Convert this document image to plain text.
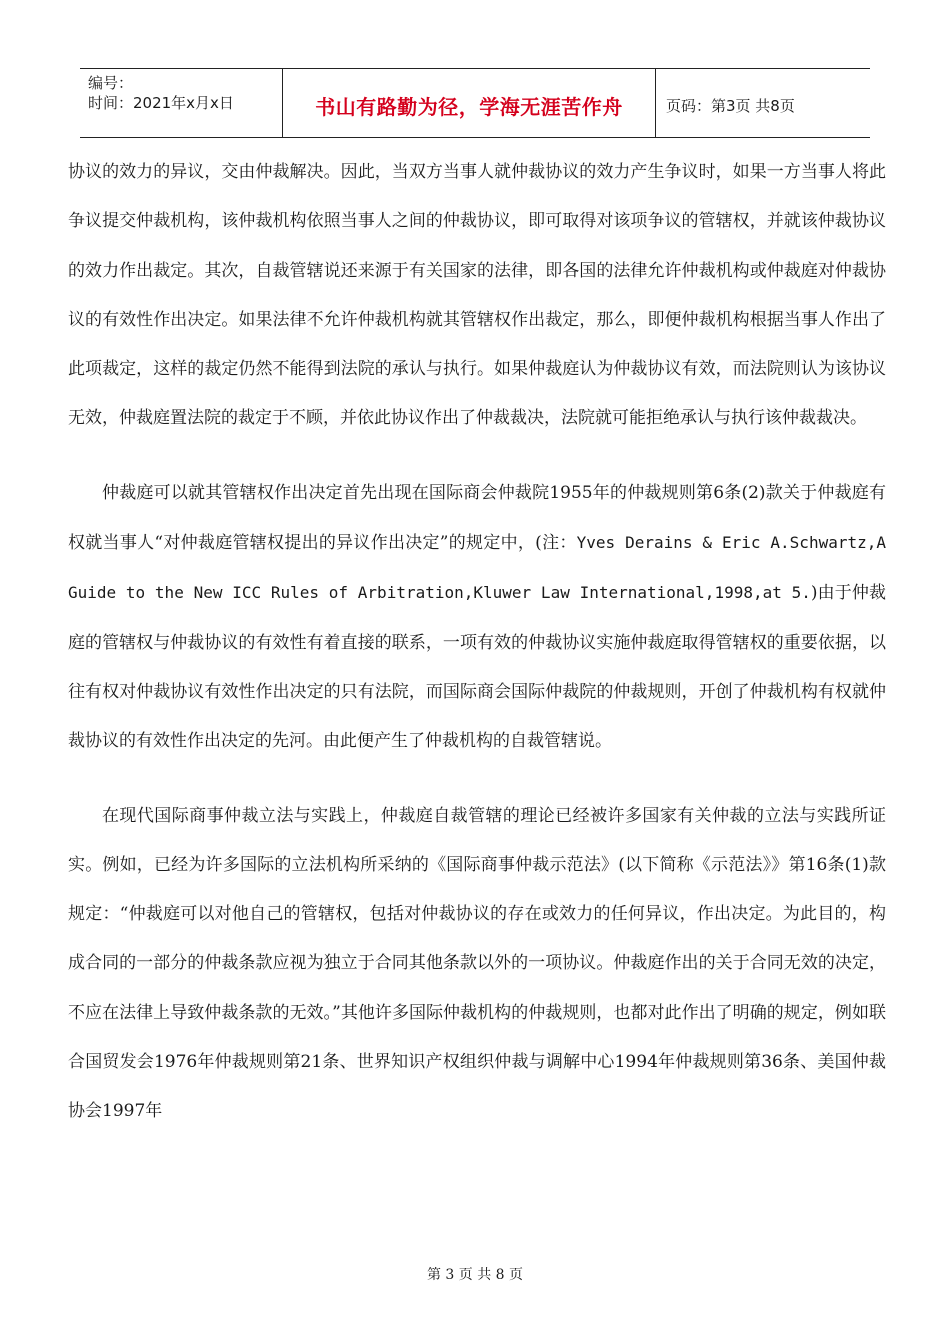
编号：
时间：2021年x月x日	书山有路勤为径，学海无涯苦作舟	页码：第3页 共8页

协议的效力的异议，交由仲裁解决。因此，当双方当事人就仲裁协议的效力产生争议时，如果一方当事人将此争议提交仲裁机构，该仲裁机构依照当事人之间的仲裁协议，即可取得对该项争议的管辖权，并就该仲裁协议的效力作出裁定。其次，自裁管辖说还来源于有关国家的法律，即各国的法律允许仲裁机构或仲裁庭对仲裁协议的有效性作出决定。如果法律不允许仲裁机构就其管辖权作出裁定，那么，即便仲裁机构根据当事人作出了此项裁定，这样的裁定仍然不能得到法院的承认与执行。如果仲裁庭认为仲裁协议有效，而法院则认为该协议无效，仲裁庭置法院的裁定于不顾，并依此协议作出了仲裁裁决，法院就可能拒绝承认与执行该仲裁裁决。

仲裁庭可以就其管辖权作出决定首先出现在国际商会仲裁院1955年的仲裁规则第6条(2)款关于仲裁庭有权就当事人“对仲裁庭管辖权提出的异议作出决定”的规定中，(注：Yves Derains & Eric A.Schwartz,A Guide to the New ICC Rules of Arbitration,Kluwer Law International,1998,at 5.)由于仲裁庭的管辖权与仲裁协议的有效性有着直接的联系，一项有效的仲裁协议实施仲裁庭取得管辖权的重要依据，以往有权对仲裁协议有效性作出决定的只有法院，而国际商会国际仲裁院的仲裁规则，开创了仲裁机构有权就仲裁协议的有效性作出决定的先河。由此便产生了仲裁机构的自裁管辖说。

在现代国际商事仲裁立法与实践上，仲裁庭自裁管辖的理论已经被许多国家有关仲裁的立法与实践所证实。例如，已经为许多国际的立法机构所采纳的《国际商事仲裁示范法》(以下简称《示范法》》第16条(1)款规定：“仲裁庭可以对他自己的管辖权，包括对仲裁协议的存在或效力的任何异议，作出决定。为此目的，构成合同的一部分的仲裁条款应视为独立于合同其他条款以外的一项协议。仲裁庭作出的关于合同无效的决定，不应在法律上导致仲裁条款的无效。”其他许多国际仲裁机构的仲裁规则，也都对此作出了明确的规定，例如联合国贸发会1976年仲裁规则第21条、世界知识产权组织仲裁与调解中心1994年仲裁规则第36条、美国仲裁协会1997年

第 3 页 共 8 页
